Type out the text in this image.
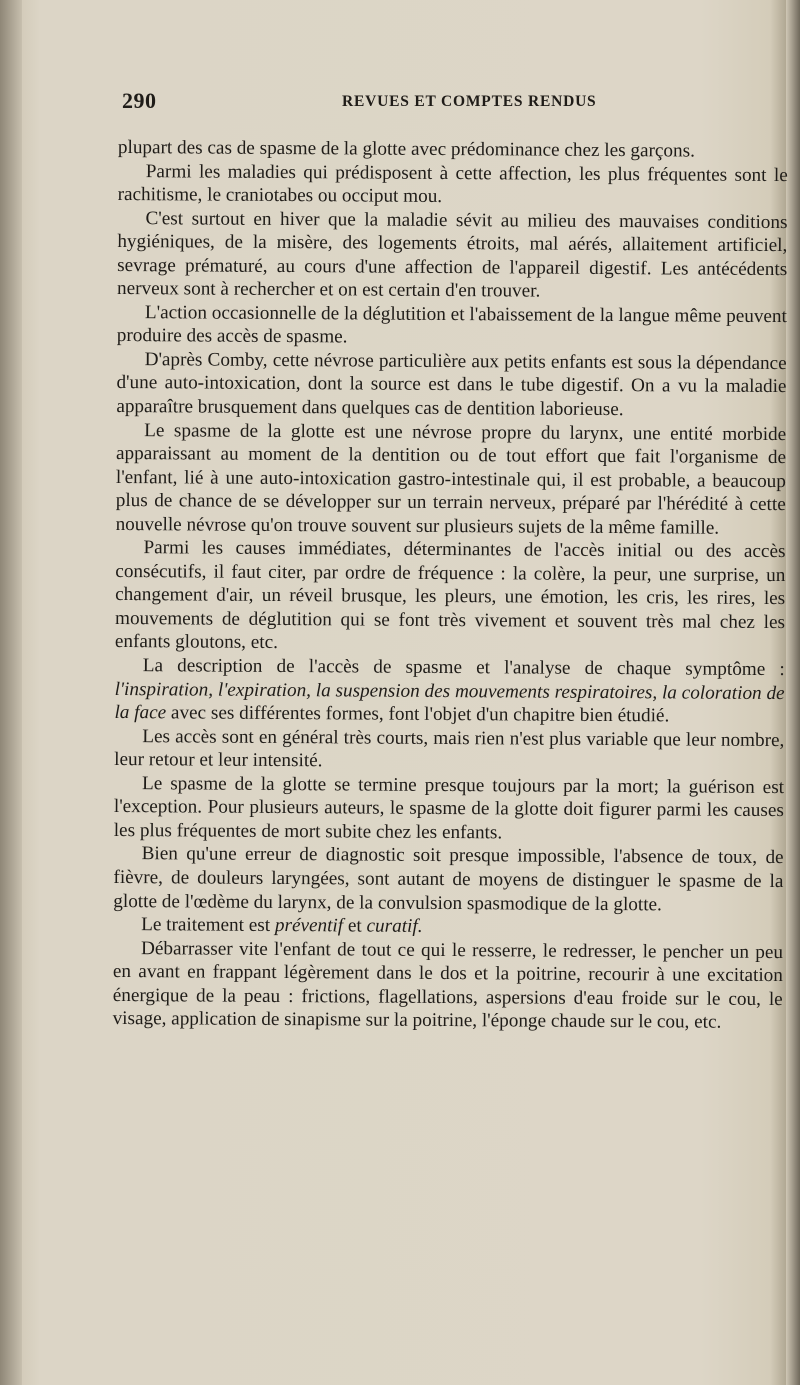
290	REVUES ET COMPTES RENDUS

plupart des cas de spasme de la glotte avec prédominance chez les garçons.

Parmi les maladies qui prédisposent à cette affection, les plus fréquentes sont le rachitisme, le craniotabes ou occiput mou.

C'est surtout en hiver que la maladie sévit au milieu des mauvaises conditions hygiéniques, de la misère, des logements étroits, mal aérés, allaitement artificiel, sevrage prématuré, au cours d'une affection de l'appareil digestif. Les antécédents nerveux sont à rechercher et on est certain d'en trouver.

L'action occasionnelle de la déglutition et l'abaissement de la langue même peuvent produire des accès de spasme.

D'après Comby, cette névrose particulière aux petits enfants est sous la dépendance d'une auto-intoxication, dont la source est dans le tube digestif. On a vu la maladie apparaître brusquement dans quelques cas de dentition laborieuse.

Le spasme de la glotte est une névrose propre du larynx, une entité morbide apparaissant au moment de la dentition ou de tout effort que fait l'organisme de l'enfant, lié à une auto-intoxication gastro-intestinale qui, il est probable, a beaucoup plus de chance de se développer sur un terrain nerveux, préparé par l'hérédité à cette nouvelle névrose qu'on trouve souvent sur plusieurs sujets de la même famille.

Parmi les causes immédiates, déterminantes de l'accès initial ou des accès consécutifs, il faut citer, par ordre de fréquence : la colère, la peur, une surprise, un changement d'air, un réveil brusque, les pleurs, une émotion, les cris, les rires, les mouvements de déglutition qui se font très vivement et souvent très mal chez les enfants gloutons, etc.

La description de l'accès de spasme et l'analyse de chaque symptôme : l'inspiration, l'expiration, la suspension des mouvements respiratoires, la coloration de la face avec ses différentes formes, font l'objet d'un chapitre bien étudié.

Les accès sont en général très courts, mais rien n'est plus variable que leur nombre, leur retour et leur intensité.

Le spasme de la glotte se termine presque toujours par la mort; la guérison est l'exception. Pour plusieurs auteurs, le spasme de la glotte doit figurer parmi les causes les plus fréquentes de mort subite chez les enfants.

Bien qu'une erreur de diagnostic soit presque impossible, l'absence de toux, de fièvre, de douleurs laryngées, sont autant de moyens de distinguer le spasme de la glotte de l'œdème du larynx, de la convulsion spasmodique de la glotte.

Le traitement est préventif et curatif.

Débarrasser vite l'enfant de tout ce qui le resserre, le redresser, le pencher un peu en avant en frappant légèrement dans le dos et la poitrine, recourir à une excitation énergique de la peau : frictions, flagellations, aspersions d'eau froide sur le cou, le visage, application de sinapisme sur la poitrine, l'éponge chaude sur le cou, etc.
